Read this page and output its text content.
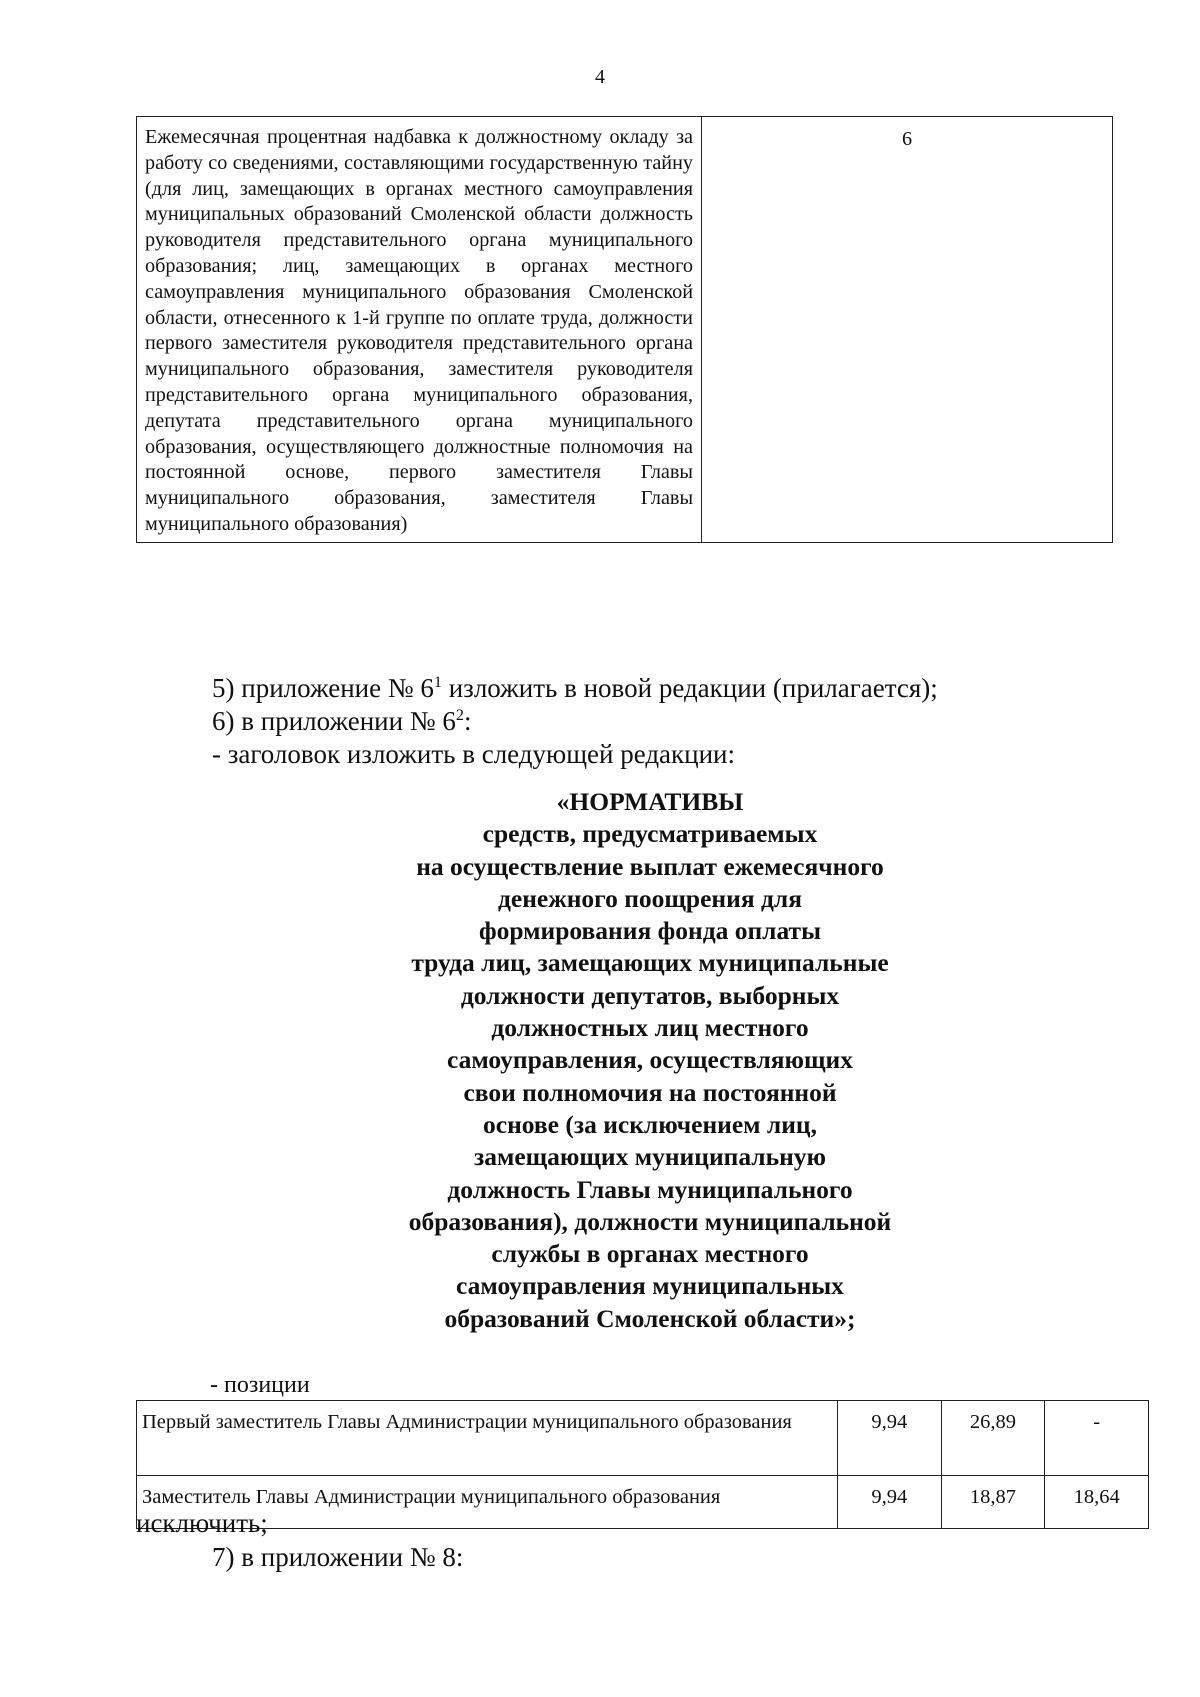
4
Ежемесячная процентная надбавка к должностному окладу за работу со сведениями, составляющими государственную тайну (для лиц, замещающих в органах местного самоуправления муниципальных образований Смоленской области должность руководителя представительного органа муниципального образования; лиц, замещающих в органах местного самоуправления муниципального образования Смоленской области, отнесенного к 1-й группе по оплате труда, должности первого заместителя руководителя представительного органа муниципального образования, заместителя руководителя представительного органа муниципального образования, депутата представительного органа муниципального образования, осуществляющего должностные полномочия на постоянной основе, первого заместителя Главы муниципального образования, заместителя Главы муниципального образования)	6
5) приложение № $6^1$ изложить в новой редакции (прилагается);
6) в приложении № $6^2$:
- заголовок изложить в следующей редакции:
«НОРМАТИВЫ
средств, предусматриваемых
на осуществление выплат ежемесячного
денежного поощрения для
формирования фонда оплаты
труда лиц, замещающих муниципальные
должности депутатов, выборных
должностных лиц местного
самоуправления, осуществляющих
свои полномочия на постоянной
основе (за исключением лиц,
замещающих муниципальную
должность Главы муниципального
образования), должности муниципальной
службы в органах местного
самоуправления муниципальных
образований Смоленской области»;
- позиции
Первый заместитель Главы Администрации муниципального образования	9,94	26,89	-
Заместитель Главы Администрации муниципального образования	9,94	18,87	18,64
исключить;
7) в приложении № 8:
